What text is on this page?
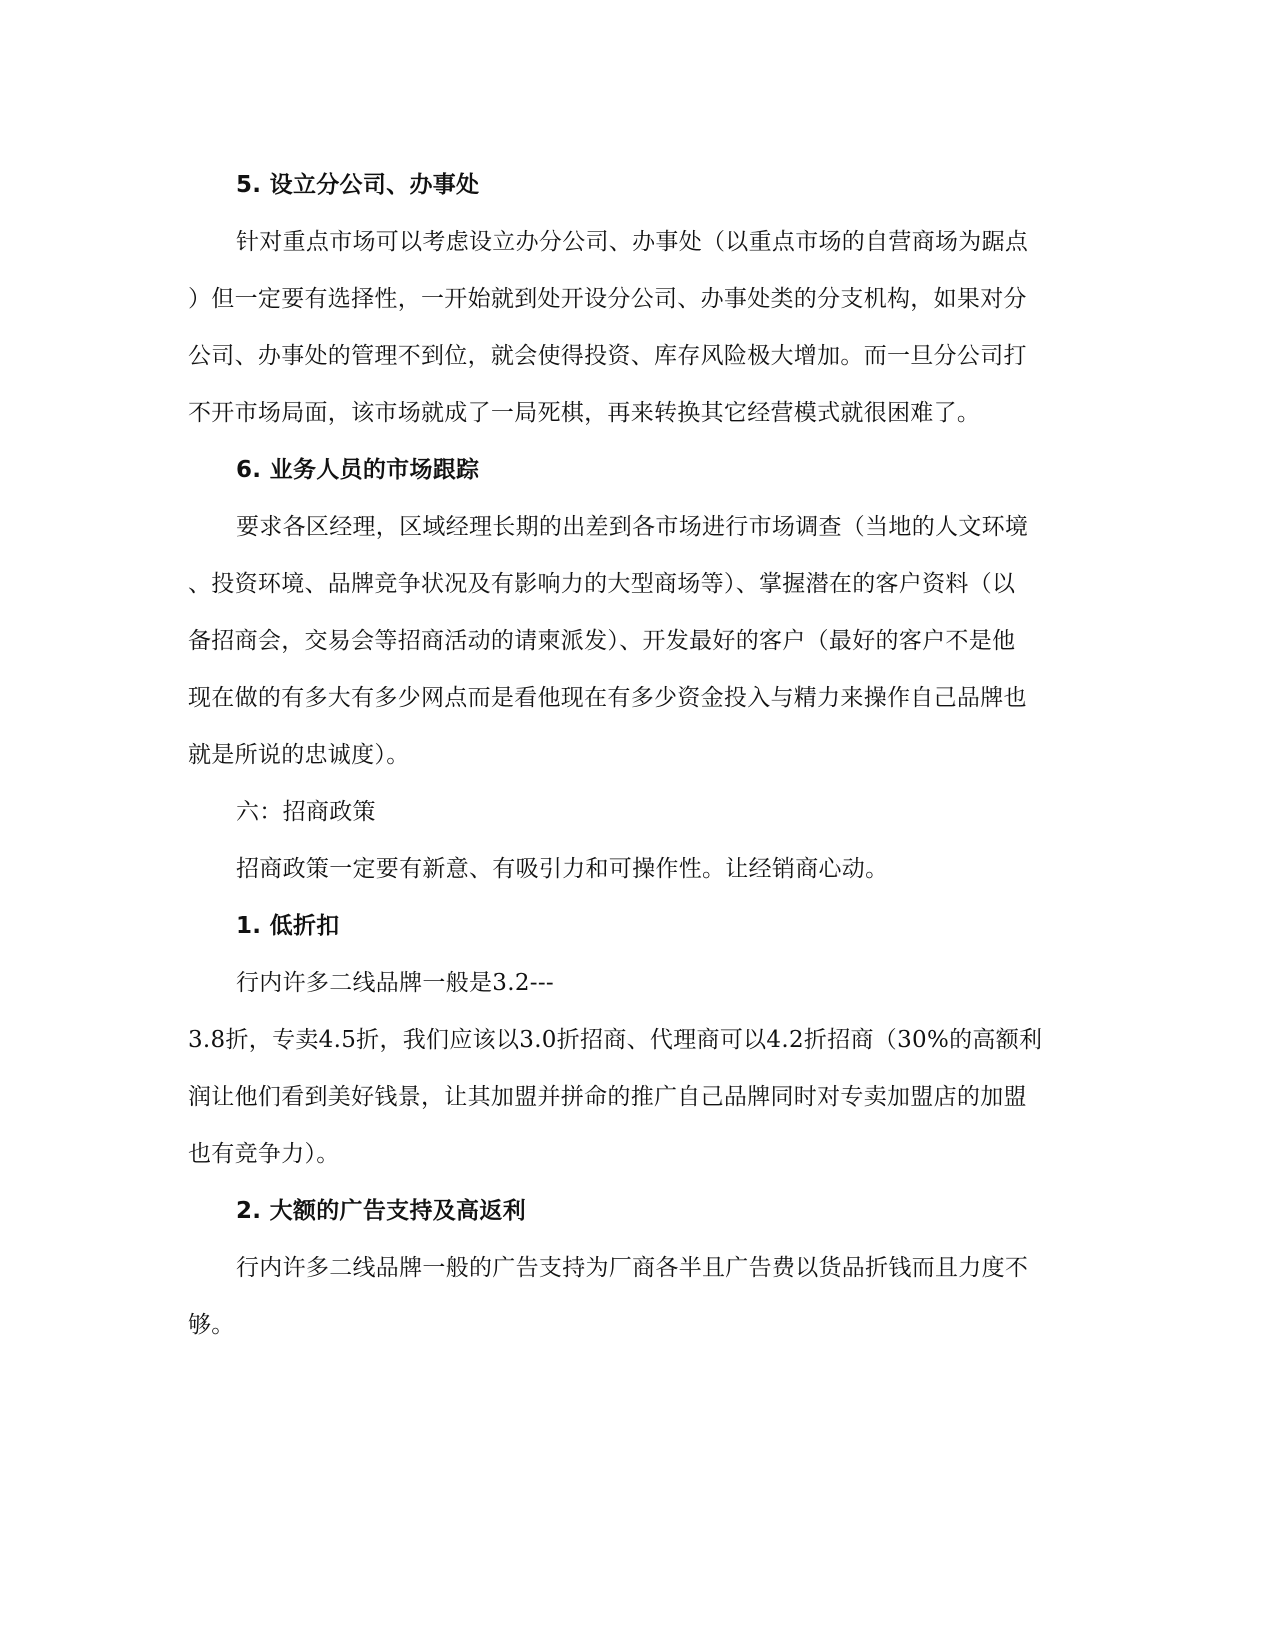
5. 设立分公司、办事处
针对重点市场可以考虑设立办分公司、办事处（以重点市场的自营商场为踞点
）但一定要有选择性，一开始就到处开设分公司、办事处类的分支机构，如果对分
公司、办事处的管理不到位，就会使得投资、库存风险极大增加。而一旦分公司打
不开市场局面，该市场就成了一局死棋，再来转换其它经营模式就很困难了。
6. 业务人员的市场跟踪
要求各区经理，区域经理长期的出差到各市场进行市场调查（当地的人文环境
、投资环境、品牌竞争状况及有影响力的大型商场等）、掌握潜在的客户资料（以
备招商会，交易会等招商活动的请柬派发）、开发最好的客户（最好的客户不是他
现在做的有多大有多少网点而是看他现在有多少资金投入与精力来操作自己品牌也
就是所说的忠诚度）。
六：招商政策
招商政策一定要有新意、有吸引力和可操作性。让经销商心动。
1. 低折扣
行内许多二线品牌一般是3.2---
3.8折，专卖4.5折，我们应该以3.0折招商、代理商可以4.2折招商（30%的高额利
润让他们看到美好钱景，让其加盟并拼命的推广自己品牌同时对专卖加盟店的加盟
也有竞争力）。
2. 大额的广告支持及高返利
行内许多二线品牌一般的广告支持为厂商各半且广告费以货品折钱而且力度不
够。
